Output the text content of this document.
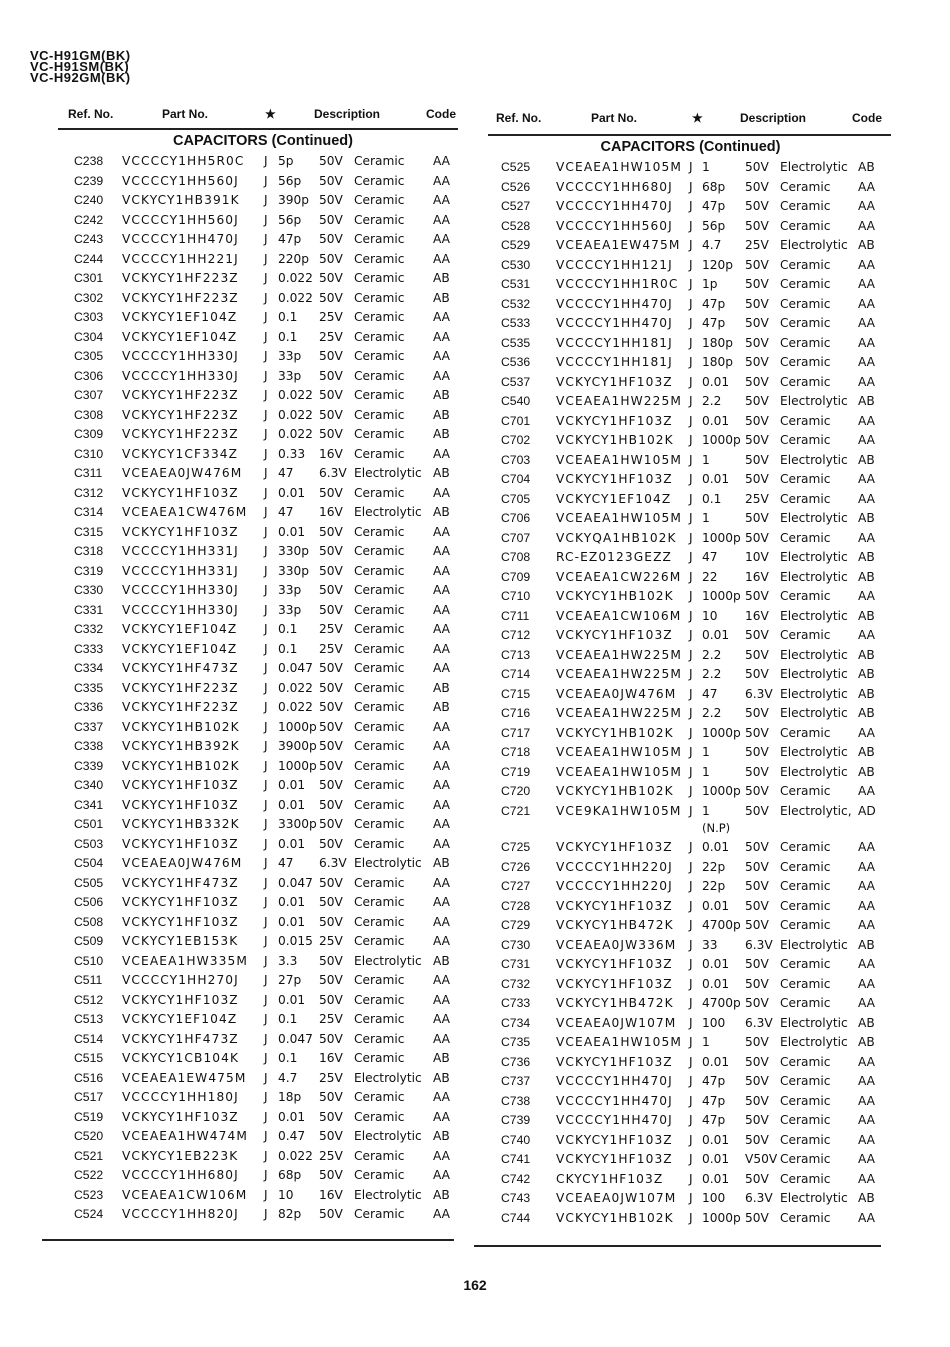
VC-H91GM(BK)
VC-H91SM(BK)
VC-H92GM(BK)
Ref. No.	Part No.	★	Description	Code
CAPACITORS (Continued)
C238 VCCCCY1HH5R0C J 5p 50V Ceramic AA
C239 VCCCCY1HH560J J 56p 50V Ceramic AA
C240 VCKYCY1HB391K J 390p 50V Ceramic AA
C242 VCCCCY1HH560J J 56p 50V Ceramic AA
C243 VCCCCY1HH470J J 47p 50V Ceramic AA
C244 VCCCCY1HH221J J 220p 50V Ceramic AA
C301 VCKYCY1HF223Z J 0.022 50V Ceramic AB
C302 VCKYCY1HF223Z J 0.022 50V Ceramic AB
C303 VCKYCY1EF104Z J 0.1 25V Ceramic AA
C304 VCKYCY1EF104Z J 0.1 25V Ceramic AA
C305 VCCCCY1HH330J J 33p 50V Ceramic AA
C306 VCCCCY1HH330J J 33p 50V Ceramic AA
C307 VCKYCY1HF223Z J 0.022 50V Ceramic AB
C308 VCKYCY1HF223Z J 0.022 50V Ceramic AB
C309 VCKYCY1HF223Z J 0.022 50V Ceramic AB
C310 VCKYCY1CF334Z J 0.33 16V Ceramic AA
C311 VCEAEA0JW476M J 47 6.3V Electrolytic AB
C312 VCKYCY1HF103Z J 0.01 50V Ceramic AA
C314 VCEAEA1CW476M J 47 16V Electrolytic AB
C315 VCKYCY1HF103Z J 0.01 50V Ceramic AA
C318 VCCCCY1HH331J J 330p 50V Ceramic AA
C319 VCCCCY1HH331J J 330p 50V Ceramic AA
C330 VCCCCY1HH330J J 33p 50V Ceramic AA
C331 VCCCCY1HH330J J 33p 50V Ceramic AA
C332 VCKYCY1EF104Z J 0.1 25V Ceramic AA
C333 VCKYCY1EF104Z J 0.1 25V Ceramic AA
C334 VCKYCY1HF473Z J 0.047 50V Ceramic AA
C335 VCKYCY1HF223Z J 0.022 50V Ceramic AB
C336 VCKYCY1HF223Z J 0.022 50V Ceramic AB
C337 VCKYCY1HB102K J 1000p 50V Ceramic AA
C338 VCKYCY1HB392K J 3900p 50V Ceramic AA
C339 VCKYCY1HB102K J 1000p 50V Ceramic AA
C340 VCKYCY1HF103Z J 0.01 50V Ceramic AA
C341 VCKYCY1HF103Z J 0.01 50V Ceramic AA
C501 VCKYCY1HB332K J 3300p 50V Ceramic AA
C503 VCKYCY1HF103Z J 0.01 50V Ceramic AA
C504 VCEAEA0JW476M J 47 6.3V Electrolytic AB
C505 VCKYCY1HF473Z J 0.047 50V Ceramic AA
C506 VCKYCY1HF103Z J 0.01 50V Ceramic AA
C508 VCKYCY1HF103Z J 0.01 50V Ceramic AA
C509 VCKYCY1EB153K J 0.015 25V Ceramic AA
C510 VCEAEA1HW335M J 3.3 50V Electrolytic AB
C511 VCCCCY1HH270J J 27p 50V Ceramic AA
C512 VCKYCY1HF103Z J 0.01 50V Ceramic AA
C513 VCKYCY1EF104Z J 0.1 25V Ceramic AA
C514 VCKYCY1HF473Z J 0.047 50V Ceramic AA
C515 VCKYCY1CB104K J 0.1 16V Ceramic AB
C516 VCEAEA1EW475M J 4.7 25V Electrolytic AB
C517 VCCCCY1HH180J J 18p 50V Ceramic AA
C519 VCKYCY1HF103Z J 0.01 50V Ceramic AA
C520 VCEAEA1HW474M J 0.47 50V Electrolytic AB
C521 VCKYCY1EB223K J 0.022 25V Ceramic AA
C522 VCCCCY1HH680J J 68p 50V Ceramic AA
C523 VCEAEA1CW106M J 10 16V Electrolytic AB
C524 VCCCCY1HH820J J 82p 50V Ceramic AA
Ref. No.	Part No.	★	Description	Code
CAPACITORS (Continued)
C525 VCEAEA1HW105M J 1	50V Electrolytic AB
C526 VCCCCY1HH680J J 68p 50V Ceramic AA
C527 VCCCCY1HH470J J 47p 50V Ceramic AA
C528 VCCCCY1HH560J J 56p 50V Ceramic AA
C529 VCEAEA1EW475M J 4.7 25V Electrolytic AB
C530 VCCCCY1HH121J J 120p 50V Ceramic AA
C531 VCCCCY1HH1R0C J 1p 50V Ceramic AA
C532 VCCCCY1HH470J J 47p 50V Ceramic AA
C533 VCCCCY1HH470J J 47p 50V Ceramic AA
C535 VCCCCY1HH181J J 180p 50V Ceramic AA
C536 VCCCCY1HH181J J 180p 50V Ceramic AA
C537 VCKYCY1HF103Z J 0.01 50V Ceramic AA
C540 VCEAEA1HW225M J 2.2 50V Electrolytic AB
C701 VCKYCY1HF103Z J 0.01 50V Ceramic AA
C702 VCKYCY1HB102K J 1000p 50V Ceramic AA
C703 VCEAEA1HW105M J 1	50V Electrolytic AB
C704 VCKYCY1HF103Z J 0.01 50V Ceramic AA
C705 VCKYCY1EF104Z J 0.1 25V Ceramic AA
C706 VCEAEA1HW105M J 1	50V Electrolytic AB
C707 VCKYQA1HB102K J 1000p 50V Ceramic AA
C708 RC-EZ0123GEZZ J 47 10V Electrolytic AB
C709 VCEAEA1CW226M J 22 16V Electrolytic AB
C710 VCKYCY1HB102K J 1000p 50V Ceramic AA
C711 VCEAEA1CW106M J 10 16V Electrolytic AB
C712 VCKYCY1HF103Z J 0.01 50V Ceramic AA
C713 VCEAEA1HW225M J 2.2 50V Electrolytic AB
C714 VCEAEA1HW225M J 2.2 50V Electrolytic AB
C715 VCEAEA0JW476M J 47 6.3V Electrolytic AB
C716 VCEAEA1HW225M J 2.2 50V Electrolytic AB
C717 VCKYCY1HB102K J 1000p 50V Ceramic AA
C718 VCEAEA1HW105M J 1	50V Electrolytic AB
C719 VCEAEA1HW105M J 1	50V Electrolytic AB
C720 VCKYCY1HB102K J 1000p 50V Ceramic AA
C721 VCE9KA1HW105M J 1	50V Electrolytic, AD
(N.P)
C725 VCKYCY1HF103Z J 0.01 50V Ceramic AA
C726 VCCCCY1HH220J J 22p 50V Ceramic AA
C727 VCCCCY1HH220J J 22p 50V Ceramic AA
C728 VCKYCY1HF103Z J 0.01 50V Ceramic AA
C729 VCKYCY1HB472K J 4700p 50V Ceramic AA
C730 VCEAEA0JW336M J 33 6.3V Electrolytic AB
C731 VCKYCY1HF103Z J 0.01 50V Ceramic AA
C732 VCKYCY1HF103Z J 0.01 50V Ceramic AA
C733 VCKYCY1HB472K J 4700p 50V Ceramic AA
C734 VCEAEA0JW107M J 100 6.3V Electrolytic AB
C735 VCEAEA1HW105M J 1	50V Electrolytic AB
C736 VCKYCY1HF103Z J 0.01 50V Ceramic AA
C737 VCCCCY1HH470J J 47p 50V Ceramic AA
C738 VCCCCY1HH470J J 47p 50V Ceramic AA
C739 VCCCCY1HH470J J 47p 50V Ceramic AA
C740 VCKYCY1HF103Z J 0.01 50V Ceramic AA
C741 VCKYCY1HF103Z J 0.01 V50V Ceramic AA
C742 CKYCY1HF103Z J 0.01 50V Ceramic AA
C743 VCEAEA0JW107M J 100 6.3V Electrolytic AB
C744 VCKYCY1HB102K J 1000p 50V Ceramic AA
162
